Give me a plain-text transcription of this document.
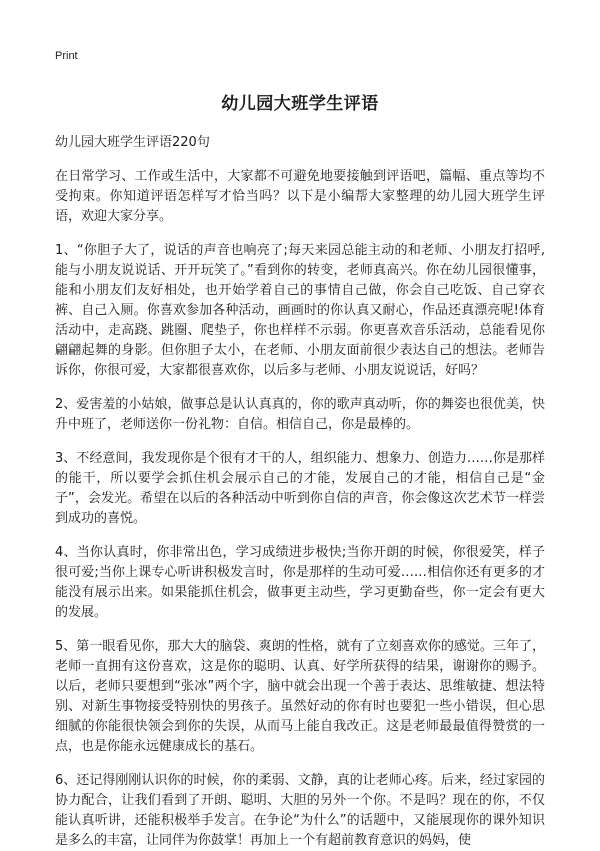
Print
幼儿园大班学生评语

幼儿园大班学生评语220句

在日常学习、工作或生活中，大家都不可避免地要接触到评语吧，篇幅、重点等均不受拘束。你知道评语怎样写才恰当吗？以下是小编帮大家整理的幼儿园大班学生评语，欢迎大家分享。

1、“你胆子大了，说话的声音也响亮了;每天来园总能主动的和老师、小朋友打招呼,能与小朋友说说话、开开玩笑了。”看到你的转变，老师真高兴。你在幼儿园很懂事，能和小朋友们友好相处，也开始学着自己的事情自己做，你会自己吃饭、自己穿衣裤、自己入厕。你喜欢参加各种活动，画画时的你认真又耐心，作品还真漂亮呢!体育活动中，走高跷、跳圈、爬垫子，你也样样不示弱。你更喜欢音乐活动，总能看见你翩翩起舞的身影。但你胆子太小，在老师、小朋友面前很少表达自己的想法。老师告诉你，你很可爱，大家都很喜欢你，以后多与老师、小朋友说说话，好吗？

2、爱害羞的小姑娘，做事总是认认真真的，你的歌声真动听，你的舞姿也很优美，快升中班了，老师送你一份礼物：自信。相信自己，你是最棒的。

3、不经意间，我发现你是个很有才干的人，组织能力、想象力、创造力……你是那样的能干，所以要学会抓住机会展示自己的才能，发展自己的才能，相信自己是“金子”，会发光。希望在以后的各种活动中听到你自信的声音，你会像这次艺术节一样尝到成功的喜悦。

4、当你认真时，你非常出色，学习成绩进步极快;当你开朗的时候，你很爱笑，样子很可爱;当你上课专心听讲积极发言时，你是那样的生动可爱……相信你还有更多的才能没有展示出来。如果能抓住机会，做事更主动些，学习更勤奋些，你一定会有更大的发展。

5、第一眼看见你，那大大的脑袋、爽朗的性格，就有了立刻喜欢你的感觉。三年了，老师一直拥有这份喜欢，这是你的聪明、认真、好学所获得的结果，谢谢你的赐予。以后，老师只要想到“张冰”两个字，脑中就会出现一个善于表达、思维敏捷、想法特别、对新生事物接受特别快的男孩子。虽然好动的你有时也要犯一些小错误，但心思细腻的你能很快领会到你的失误，从而马上能自我改正。这是老师最最值得赞赏的一点，也是你能永远健康成长的基石。

6、还记得刚刚认识你的时候，你的柔弱、文静，真的让老师心疼。后来，经过家园的协力配合，让我们看到了开朗、聪明、大胆的另外一个你。不是吗？现在的你，不仅能认真听讲，还能积极举手发言。在争论“为什么”的话题中，又能展现你的课外知识是多么的丰富，让同伴为你鼓掌！再加上一个有超前教育意识的妈妈，使
